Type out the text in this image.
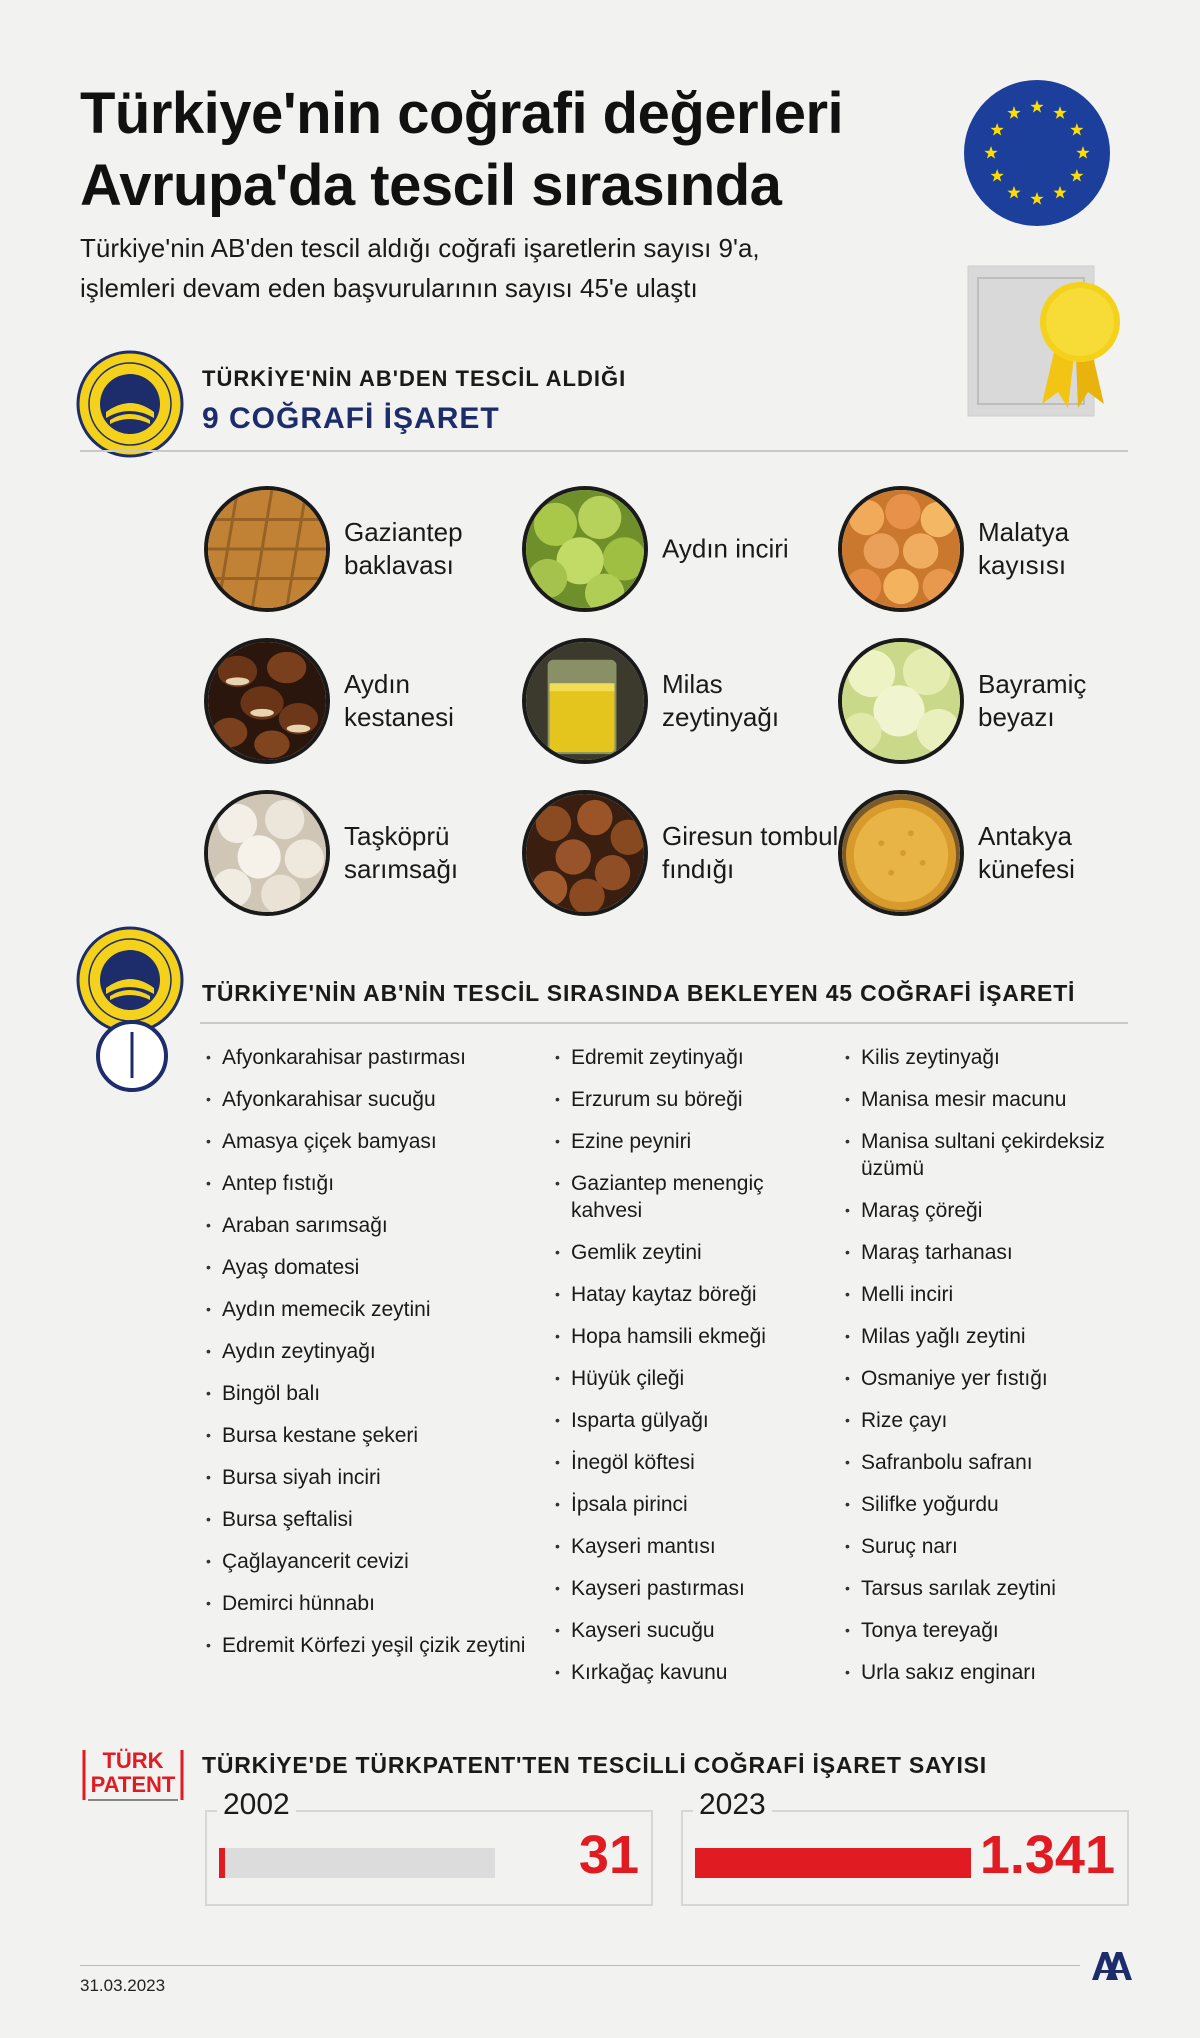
Türkiye'nin coğrafi değerleri
Avrupa'da tescil sırasında
Türkiye'nin AB'den tescil aldığı coğrafi işaretlerin sayısı 9'a,
işlemleri devam eden başvurularının sayısı 45'e ulaştı
TÜRKİYE'NİN AB'DEN TESCİL ALDIĞI
9 COĞRAFİ İŞARET
Gaziantep baklavası
Aydın inciri
Malatya kayısısı
Aydın kestanesi
Milas zeytinyağı
Bayramiç beyazı
Taşköprü sarımsağı
Giresun tombul fındığı
Antakya künefesi
TÜRKİYE'NİN AB'NİN TESCİL SIRASINDA BEKLEYEN 45 COĞRAFİ İŞARETİ
• Afyonkarahisar pastırması
• Afyonkarahisar sucuğu
• Amasya çiçek bamyası
• Antep fıstığı
• Araban sarımsağı
• Ayaş domatesi
• Aydın memecik zeytini
• Aydın zeytinyağı
• Bingöl balı
• Bursa kestane şekeri
• Bursa siyah inciri
• Bursa şeftalisi
• Çağlayancerit cevizi
• Demirci hünnabı
• Edremit Körfezi yeşil çizik zeytini
• Edremit zeytinyağı
• Erzurum su böreği
• Ezine peyniri
• Gaziantep menengiç kahvesi
• Gemlik zeytini
• Hatay kaytaz böreği
• Hopa hamsili ekmeği
• Hüyük çileği
• Isparta gülyağı
• İnegöl köftesi
• İpsala pirinci
• Kayseri mantısı
• Kayseri pastırması
• Kayseri sucuğu
• Kırkağaç kavunu
• Kilis zeytinyağı
• Manisa mesir macunu
• Manisa sultani çekirdeksiz üzümü
• Maraş çöreği
• Maraş tarhanası
• Melli inciri
• Milas yağlı zeytini
• Osmaniye yer fıstığı
• Rize çayı
• Safranbolu safranı
• Silifke yoğurdu
• Suruç narı
• Tarsus sarılak zeytini
• Tonya tereyağı
• Urla sakız enginarı
TÜRK
PATENT
TÜRKİYE'DE TÜRKPATENT'TEN TESCİLLİ COĞRAFİ İŞARET SAYISI
2002
31
2023
1.341
31.03.2023
